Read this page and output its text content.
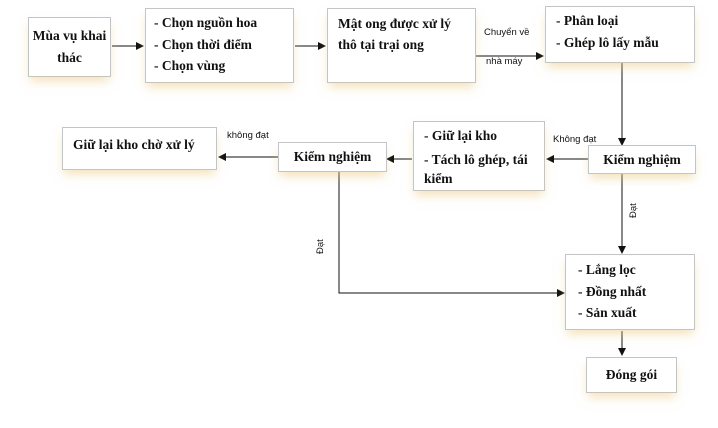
Mùa vụ khai thác
- Chọn nguồn hoa
- Chọn thời điểm
- Chọn vùng
Mật ong được xử lý thô tại trại ong
- Phân loại
- Ghép lô lấy mẫu
Kiểm nghiệm
- Giữ lại kho
- Tách lô ghép, tái kiểm
Kiểm nghiệm
Giữ lại kho chờ xử lý
- Lắng lọc
- Đồng nhất
- Sản xuất
Đóng gói
Chuyển về
nhà máy
Không đạt
không đạt
Đạt
Đạt
